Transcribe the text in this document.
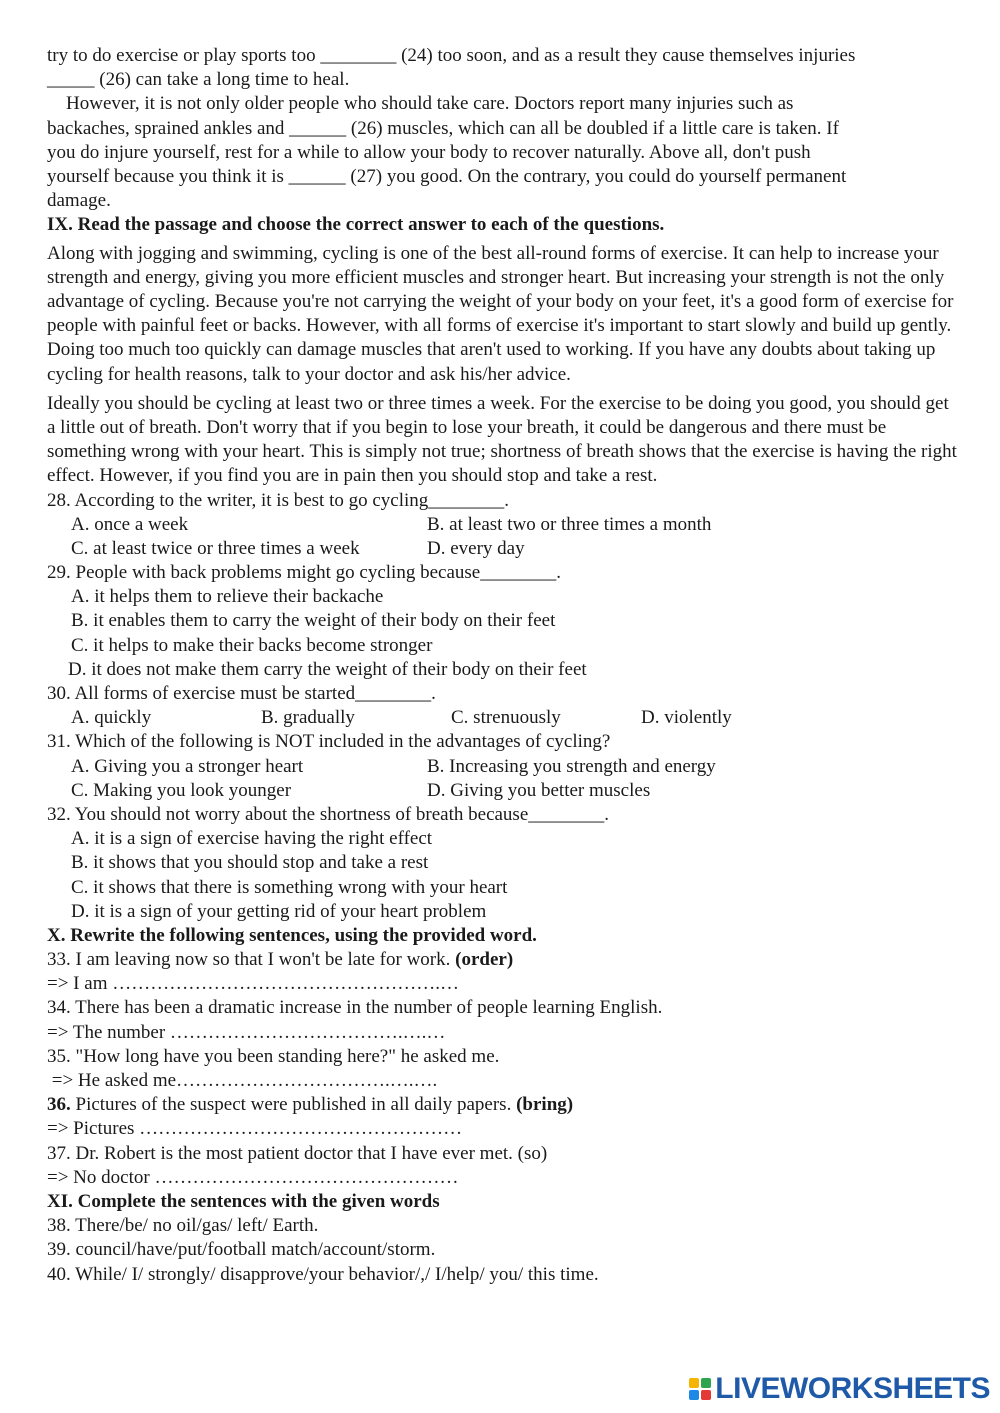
try to do exercise or play sports too ________ (24) too soon, and as a result they cause themselves injuries
_____ (26) can take a long time to heal.
However, it is not only older people who should take care. Doctors report many injuries such as
backaches, sprained ankles and ______ (26) muscles, which can all be doubled if a little care is taken. If
you do injure yourself, rest for a while to allow your body to recover naturally. Above all, don't push
yourself because you think it is ______ (27) you good. On the contrary, you could do yourself permanent
damage.
IX. Read the passage and choose the correct answer to each of the questions.
Along with jogging and swimming, cycling is one of the best all-round forms of exercise. It can help to increase your strength and energy, giving you more efficient muscles and stronger heart. But increasing your strength is not the only advantage of cycling. Because you're not carrying the weight of your body on your feet, it's a good form of exercise for people with painful feet or backs. However, with all forms of exercise it's important to start slowly and build up gently. Doing too much too quickly can damage muscles that aren't used to working. If you have any doubts about taking up cycling for health reasons, talk to your doctor and ask his/her advice.
Ideally you should be cycling at least two or three times a week. For the exercise to be doing you good, you should get a little out of breath. Don't worry that if you begin to lose your breath, it could be dangerous and there must be something wrong with your heart. This is simply not true; shortness of breath shows that the exercise is having the right effect. However, if you find you are in pain then you should stop and take a rest.
28. According to the writer, it is best to go cycling________.
A. once a week	B. at least two or three times a month
C. at least twice or three times a week	D. every day
29. People with back problems might go cycling because________.
A. it helps them to relieve their backache
B. it enables them to carry the weight of their body on their feet
C. it helps to make their backs become stronger
D. it does not make them carry the weight of their body on their feet
30. All forms of exercise must be started________.
A. quickly	B. gradually	C. strenuously	D. violently
31. Which of the following is NOT included in the advantages of cycling?
A. Giving you a stronger heart	B. Increasing you strength and energy
C. Making you look younger	D. Giving you better muscles
32. You should not worry about the shortness of breath because________.
A. it is a sign of exercise having the right effect
B. it shows that you should stop and take a rest
C. it shows that there is something wrong with your heart
D. it is a sign of your getting rid of your heart problem
X. Rewrite the following sentences, using the provided word.
33. I am leaving now so that I won't be late for work. (order)
=> I am …………………………………………….…
34. There has been a dramatic increase in the number of people learning English.
=> The number ……………………………….….…
35. "How long have you been standing here?" he asked me.
=> He asked me…………………………….….….
36. Pictures of the suspect were published in all daily papers. (bring)
=> Pictures ……………………………………………
37. Dr. Robert is the most patient doctor that I have ever met. (so)
=> No doctor …………………………………………
XI. Complete the sentences with the given words
38. There/be/ no oil/gas/ left/ Earth.
39. council/have/put/football match/account/storm.
40. While/ I/ strongly/ disapprove/your behavior/,/ I/help/ you/ this time.
LIVEWORKSHEETS
